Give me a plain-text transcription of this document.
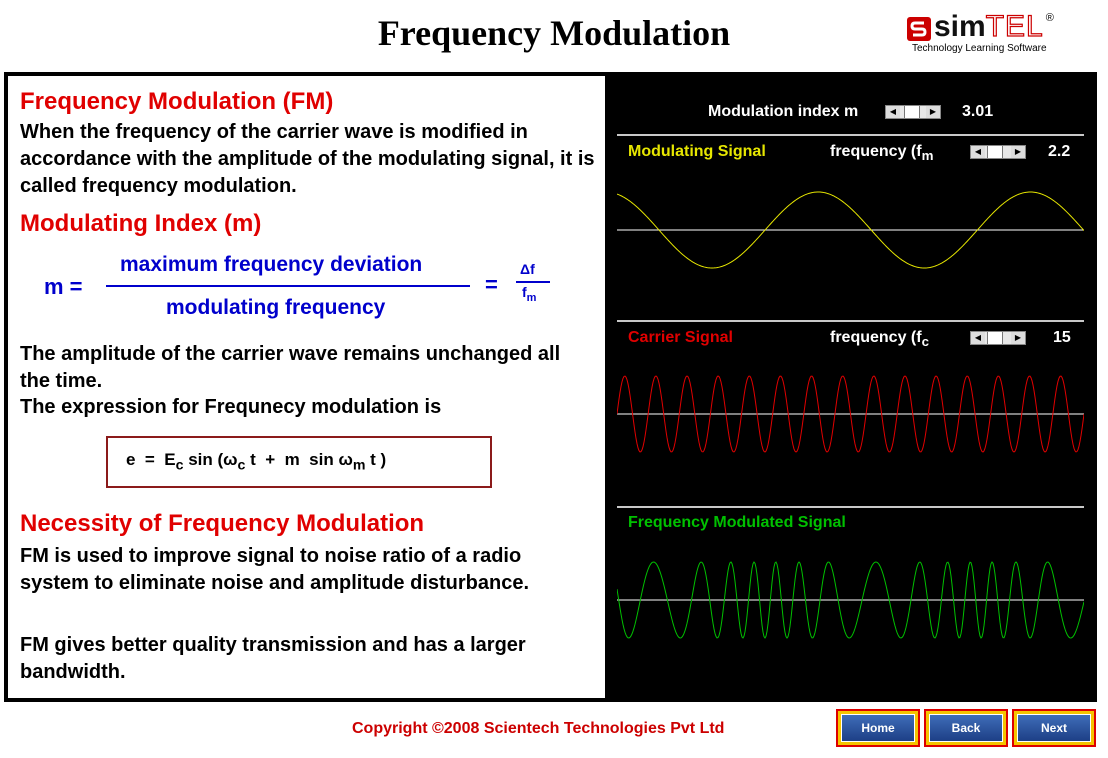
Frequency Modulation	sim TEL ®
Technology Learning Software
Frequency Modulation (FM)
When the frequency of the carrier wave is modified in accordance with the amplitude of the modulating signal, it is called frequency modulation.
Modulating Index (m)
m =
maximum frequency deviation
modulating frequency
=
Δf
$f_m$
The amplitude of the carrier wave remains unchanged all the time.
The expression for Frequnecy modulation is
$e = E_c$ $\sin (\omega_c$ t  +  m  $\sin \omega_m$ t )
Necessity of Frequency Modulation
FM is used to improve signal to noise ratio of a radio system to eliminate noise and amplitude disturbance.
FM gives better quality transmission and has a larger bandwidth.
Modulation index m	◀	▶ 3.01
Modulating Signal	frequency ($f_m$	◀	▶ 2.2
Carrier Signal	frequency ($f_c$	◀	▶ 15
Frequency Modulated Signal
Copyright ©2008 Scientech Technologies Pvt Ltd	Home	Back	Next
